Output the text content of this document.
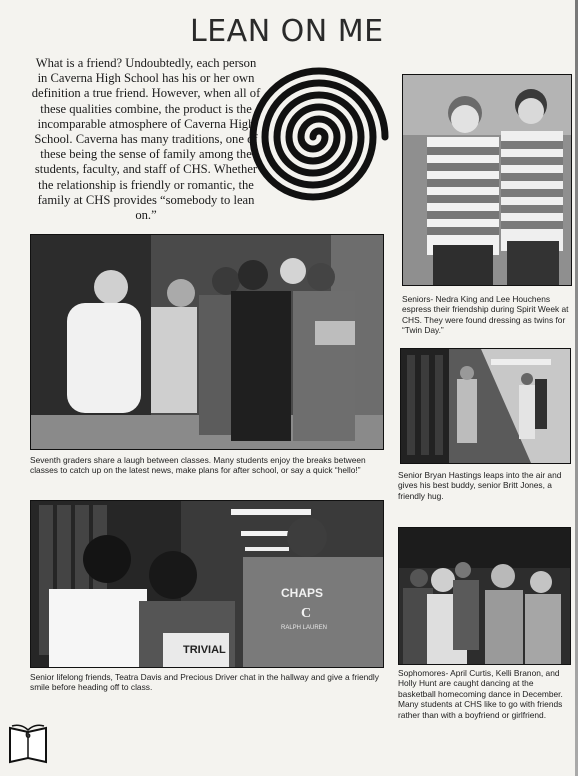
LEAN ON ME
What is a friend? Undoubtedly, each person in Caverna High School has his or her own definition a true friend. However, when all of these qualities combine, the product is the incomparable atmosphere of Caverna High School. Caverna has many traditions, one of these being the sense of family among the students, faculty, and staff of CHS. Whether the relationship is friendly or romantic, the family at CHS provides “somebody to lean on.”
Seniors- Nedra King and Lee Houchens espress their friendship during Spirit Week at CHS. They were found dressing as twins for “Twin Day.”
Seventh graders share a laugh between classes. Many students enjoy the breaks between classes to catch up on the latest news, make plans for after school, or say a quick “hello!”	Senior Bryan Hastings leaps into the air and gives his best buddy, senior Britt Jones, a friendly hug.
TRIVIAL
CHAPS
C
RALPH LAUREN
Senior lifelong friends, Teatra Davis and Precious Driver chat in the hallway and give a friendly smile before heading off to class.
Sophomores- April Curtis, Kelli Branon, and Holly Hunt are caught dancing at the basketball homecoming dance in December. Many students at CHS like to go with friends rather than with a boyfriend or girlfriend.
6
